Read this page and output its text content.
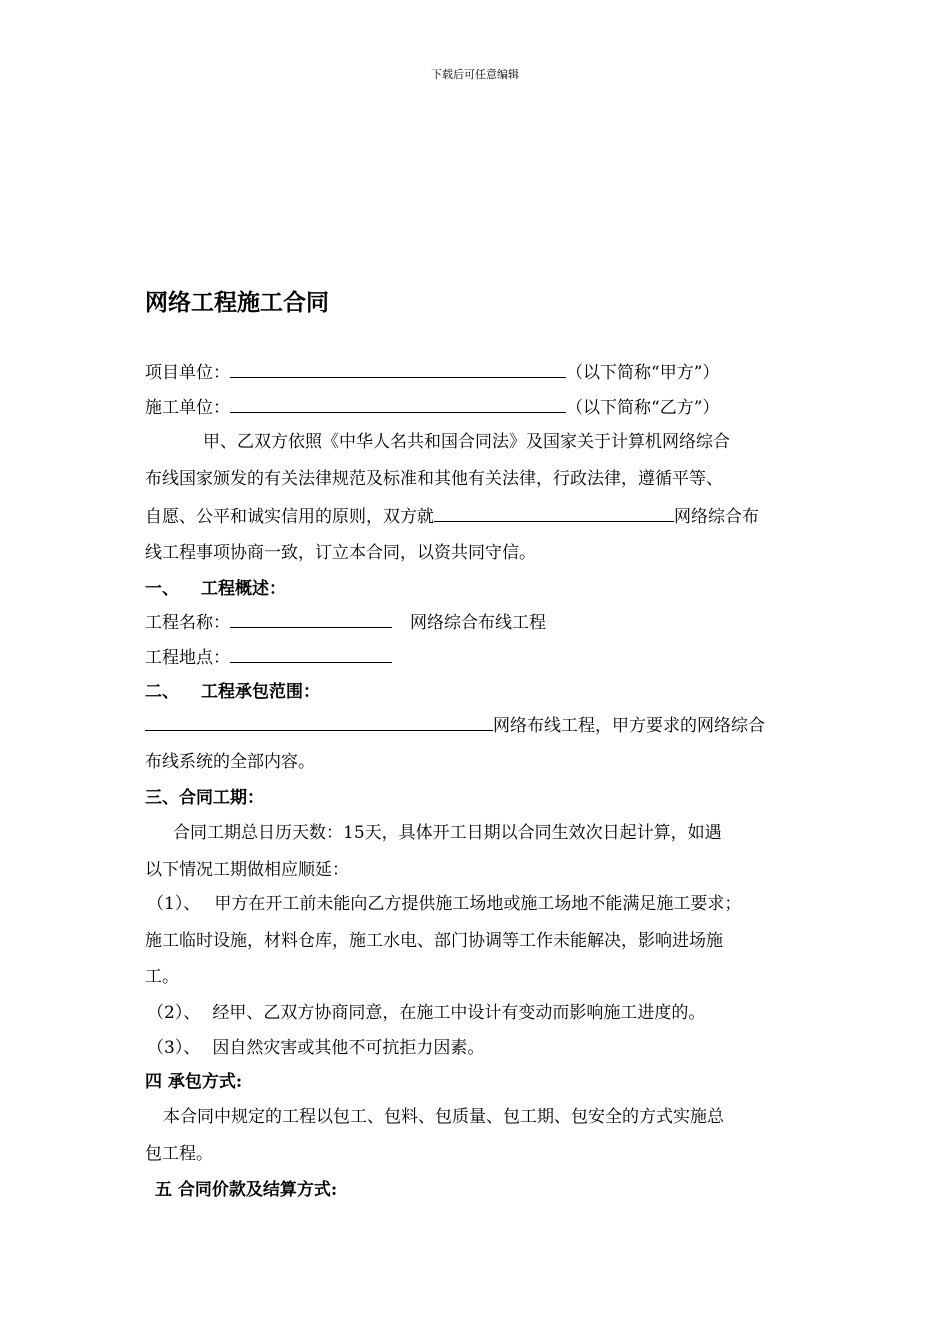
下载后可任意编辑
网络工程施工合同
项目单位：	（以下简称“甲方”）
施工单位：	（以下简称“乙方”）
甲、乙双方依照《中华人名共和国合同法》及国家关于计算机网络综合
布线国家颁发的有关法律规范及标准和其他有关法律，行政法律，遵循平等、
自愿、公平和诚实信用的原则，双方就	网络综合布
线工程事项协商一致，订立本合同，以资共同守信。
一、 工程概述：
工程名称：	网络综合布线工程
工程地点：
二、 工程承包范围：
网络布线工程，甲方要求的网络综合
布线系统的全部内容。
三、合同工期：
合同工期总日历天数：15天，具体开工日期以合同生效次日起计算，如遇
以下情况工期做相应顺延：
（1）、 甲方在开工前未能向乙方提供施工场地或施工场地不能满足施工要求；
施工临时设施，材料仓库，施工水电、部门协调等工作未能解决，影响进场施
工。
（2）、 经甲、乙双方协商同意，在施工中设计有变动而影响施工进度的。
（3）、 因自然灾害或其他不可抗拒力因素。
四 承包方式:
本合同中规定的工程以包工、包料、包质量、包工期、包安全的方式实施总
包工程。
五 合同价款及结算方式:
